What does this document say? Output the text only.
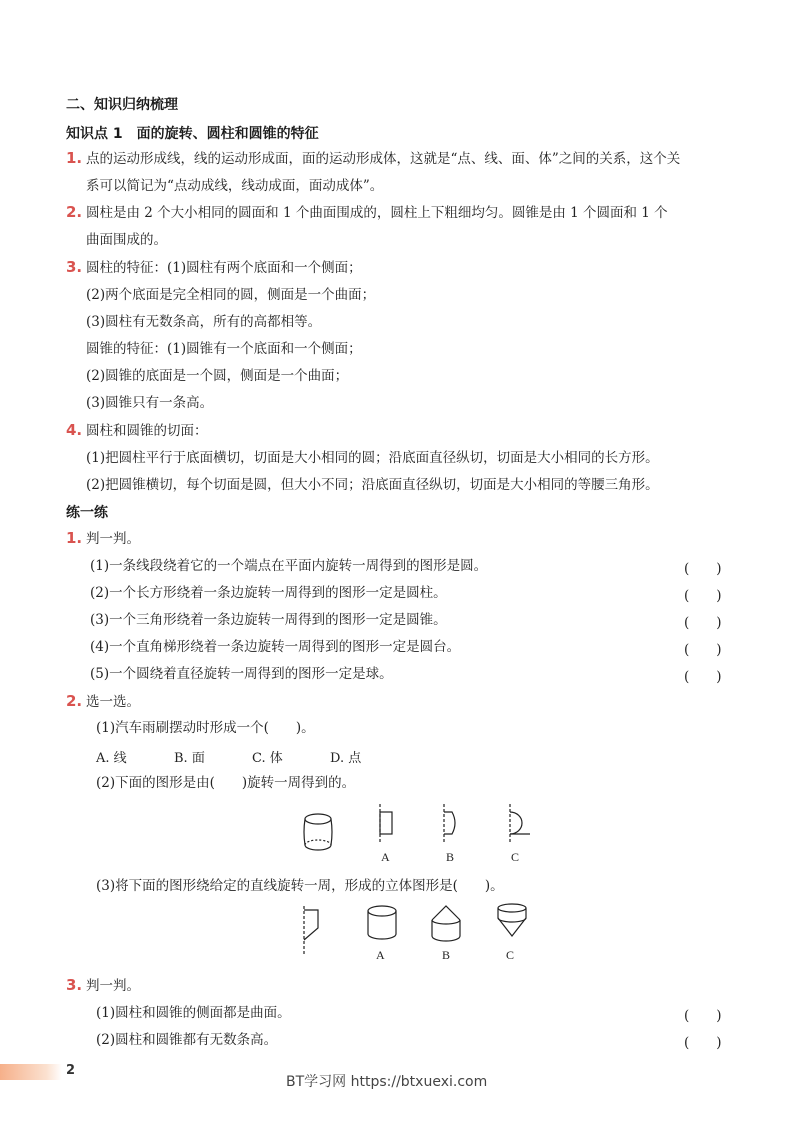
二、知识归纳梳理
知识点 1　面的旋转、圆柱和圆锥的特征
1. 点的运动形成线，线的运动形成面，面的运动形成体，这就是“点、线、面、体”之间的关系，这个关
系可以简记为“点动成线，线动成面，面动成体”。
2. 圆柱是由 2 个大小相同的圆面和 1 个曲面围成的，圆柱上下粗细均匀。圆锥是由 1 个圆面和 1 个
曲面围成的。
3. 圆柱的特征：(1)圆柱有两个底面和一个侧面；
(2)两个底面是完全相同的圆，侧面是一个曲面；
(3)圆柱有无数条高，所有的高都相等。
圆锥的特征：(1)圆锥有一个底面和一个侧面；
(2)圆锥的底面是一个圆，侧面是一个曲面；
(3)圆锥只有一条高。
4. 圆柱和圆锥的切面：
(1)把圆柱平行于底面横切，切面是大小相同的圆；沿底面直径纵切，切面是大小相同的长方形。
(2)把圆锥横切，每个切面是圆，但大小不同；沿底面直径纵切，切面是大小相同的等腰三角形。
练一练
1. 判一判。
(1)一条线段绕着它的一个端点在平面内旋转一周得到的图形是圆。	(　　)
(2)一个长方形绕着一条边旋转一周得到的图形一定是圆柱。	(　　)
(3)一个三角形绕着一条边旋转一周得到的图形一定是圆锥。	(　　)
(4)一个直角梯形绕着一条边旋转一周得到的图形一定是圆台。	(　　)
(5)一个圆绕着直径旋转一周得到的图形一定是球。	(　　)
2. 选一选。
(1)汽车雨刷摆动时形成一个(　　)。
A. 线	B. 面	C. 体	D. 点
(2)下面的图形是由(　　)旋转一周得到的。
A	B	C
(3)将下面的图形绕给定的直线旋转一周，形成的立体图形是(　　)。
A	B	C
3. 判一判。
(1)圆柱和圆锥的侧面都是曲面。	(　　)
(2)圆柱和圆锥都有无数条高。	(　　)
2
BT学习网 https://btxuexi.com
